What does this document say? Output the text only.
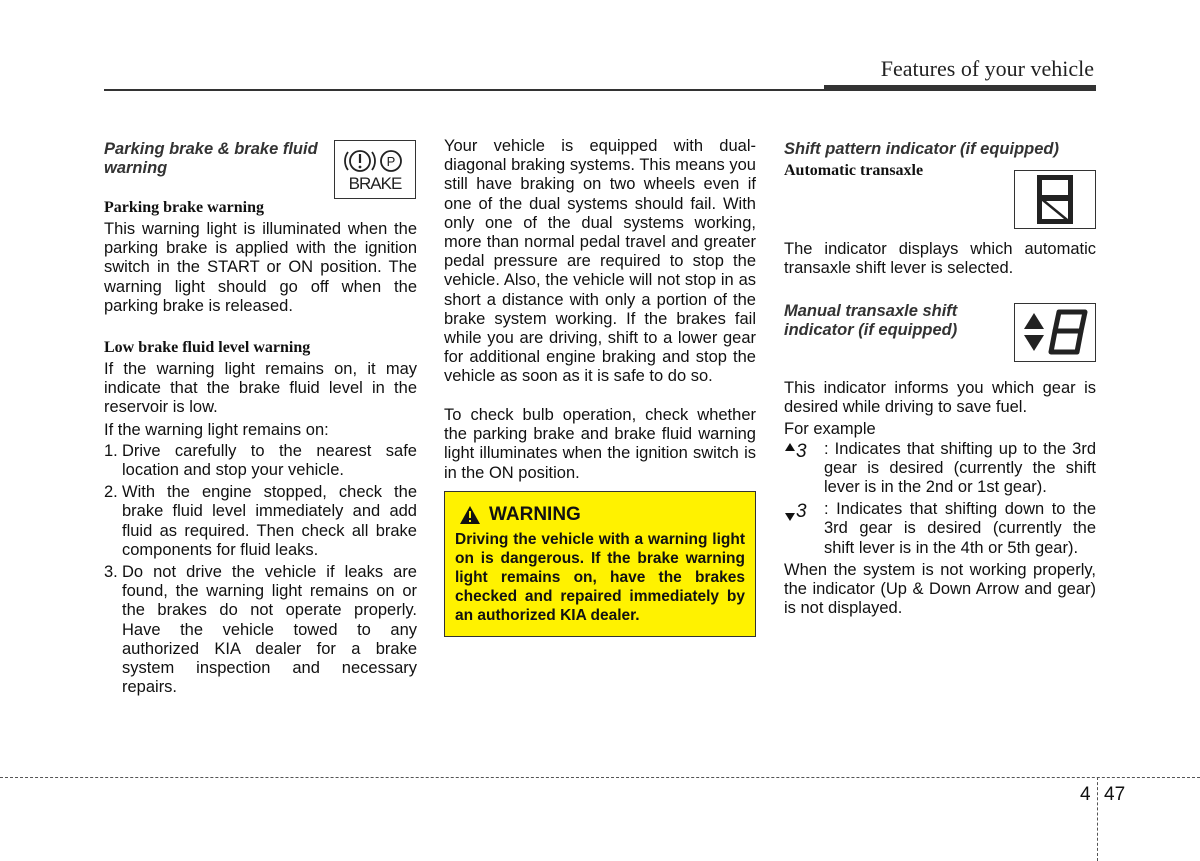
Features of your vehicle
Parking brake & brake fluid warning	P
BRAKE
Parking brake warning
This warning light is illuminated when the parking brake is applied with the ignition switch in the START or ON position. The warning light should go off when the parking brake is released.
Low brake fluid level warning

If the warning light remains on, it may indicate that the brake fluid level in the reservoir is low.

If the warning light remains on:

1. Drive carefully to the nearest safe location and stop your vehicle.
2. With the engine stopped, check the brake fluid level immediately and add fluid as required. Then check all brake components for fluid leaks.
3. Do not drive the vehicle if leaks are found, the warning light remains on or the brakes do not operate properly. Have the vehicle towed to any authorized KIA dealer for a brake system inspection and necessary repairs.
Your vehicle is equipped with dual-diagonal braking systems. This means you still have braking on two wheels even if one of the dual systems should fail. With only one of the dual systems working, more than normal pedal travel and greater pedal pressure are required to stop the vehicle. Also, the vehicle will not stop in as short a distance with only a portion of the brake system working. If the brakes fail while you are driving, shift to a lower gear for additional engine braking and stop the vehicle as soon as it is safe to do so.
To check bulb operation, check whether the parking brake and brake fluid warning light illuminates when the ignition switch is in the ON position.
WARNING
Driving the vehicle with a warning light on is dangerous. If the brake warning light remains on, have the brakes checked and repaired immediately by an authorized KIA dealer.
Shift pattern indicator (if equipped)
Automatic transaxle
The indicator displays which automatic transaxle shift lever is selected.
Manual transaxle shift indicator (if equipped)

This indicator informs you which gear is desired while driving to save fuel.

For example

3 : Indicates that shifting up to the 3rd gear is desired (currently the shift lever is in the 2nd or 1st gear).
3 : Indicates that shifting down to the 3rd gear is desired (currently the shift lever is in the 4th or 5th gear).

When the system is not working properly, the indicator (Up & Down Arrow and gear) is not displayed.

4 47
